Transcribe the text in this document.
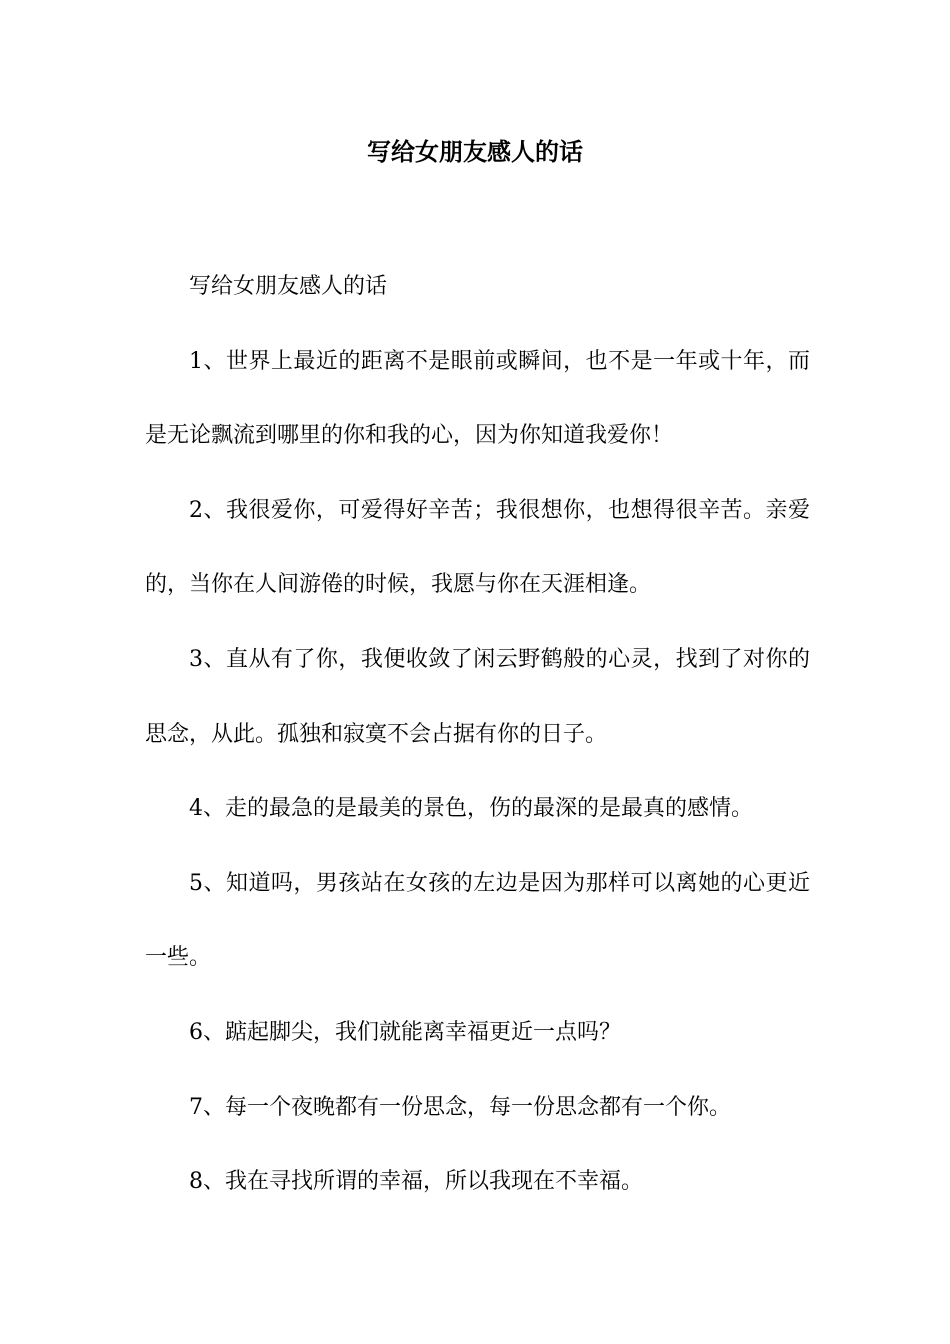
写给女朋友感人的话

写给女朋友感人的话

1、世界上最近的距离不是眼前或瞬间，也不是一年或十年，而是无论飘流到哪里的你和我的心，因为你知道我爱你！

2、我很爱你，可爱得好辛苦；我很想你，也想得很辛苦。亲爱的，当你在人间游倦的时候，我愿与你在天涯相逢。

3、直从有了你，我便收敛了闲云野鹤般的心灵，找到了对你的思念，从此。孤独和寂寞不会占据有你的日子。

4、走的最急的是最美的景色，伤的最深的是最真的感情。

5、知道吗，男孩站在女孩的左边是因为那样可以离她的心更近一些。

6、踮起脚尖，我们就能离幸福更近一点吗？

7、每一个夜晚都有一份思念，每一份思念都有一个你。

8、我在寻找所谓的幸福，所以我现在不幸福。
